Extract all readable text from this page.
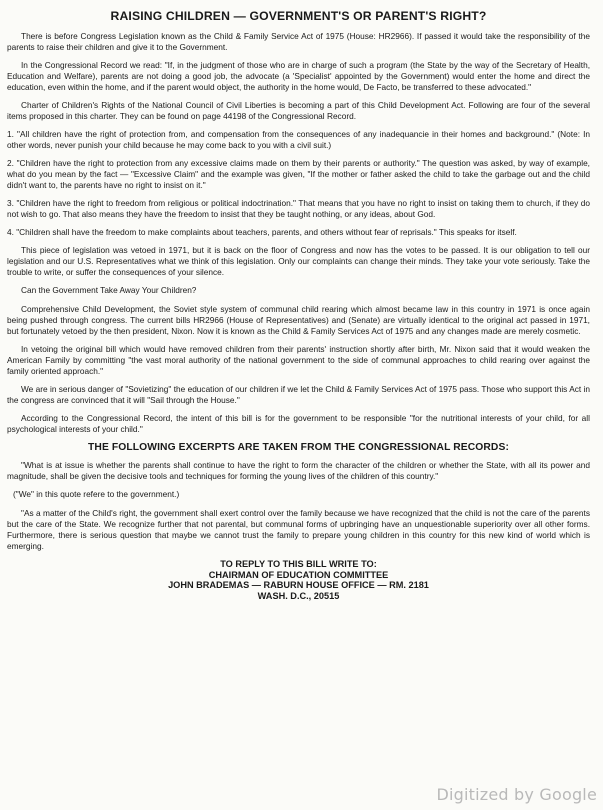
RAISING CHILDREN — GOVERNMENT'S OR PARENT'S RIGHT?

There is before Congress Legislation known as the Child & Family Service Act of 1975 (House: HR2966). If passed it would take the responsibility of the parents to raise their children and give it to the Government.

In the Congressional Record we read: "If, in the judgment of those who are in charge of such a program (the State by the way of the Secretary of Health, Education and Welfare), parents are not doing a good job, the advocate (a 'Specialist' appointed by the Government) would enter the home and direct the education, even within the home, and if the parent would object, the authority in the home would, De Facto, be transferred to these advocated."

Charter of Children's Rights of the National Council of Civil Liberties is becoming a part of this Child Development Act. Following are four of the several items proposed in this charter. They can be found on page 44198 of the Congressional Record.

1. "All children have the right of protection from, and compensation from the consequences of any inadequancie in their homes and background." (Note: In other words, never punish your child because he may come back to you with a civil suit.)

2. "Children have the right to protection from any excessive claims made on them by their parents or authority." The question was asked, by way of example, what do you mean by the fact — "Excessive Claim" and the example was given, "If the mother or father asked the child to take the garbage out and the child didn't want to, the parents have no right to insist on it."

3. "Children have the right to freedom from religious or political indoctrination." That means that you have no right to insist on taking them to church, if they do not wish to go. That also means they have the freedom to insist that they be taught nothing, or any ideas, about God.

4. "Children shall have the freedom to make complaints about teachers, parents, and others without fear of reprisals." This speaks for itself.

This piece of legislation was vetoed in 1971, but it is back on the floor of Congress and now has the votes to be passed. It is our obligation to tell our legislation and our U.S. Representatives what we think of this legislation. Only our complaints can change their minds. They take your vote seriously. Take the trouble to write, or suffer the consequences of your silence.

Can the Government Take Away Your Children?

Comprehensive Child Development, the Soviet style system of communal child rearing which almost became law in this country in 1971 is once again being pushed through congress. The current bills HR2966 (House of Representatives) and (Senate) are virtually identical to the original act passed in 1971, but fortunately vetoed by the then president, Nixon. Now it is known as the Child & Family Services Act of 1975 and any changes made are merely cosmetic.

In vetoing the original bill which would have removed children from their parents' instruction shortly after birth, Mr. Nixon said that it would weaken the American Family by committing "the vast moral authority of the national government to the side of communal approaches to child rearing over against the family oriented approach."

We are in serious danger of "Sovietizing" the education of our children if we let the Child & Family Services Act of 1975 pass. Those who support this Act in the congress are convinced that it will "Sail through the House."

According to the Congressional Record, the intent of this bill is for the government to be responsible "for the nutritional interests of your child, for all psychological interests of your child."

THE FOLLOWING EXCERPTS ARE TAKEN FROM THE CONGRESSIONAL RECORDS:

"What is at issue is whether the parents shall continue to have the right to form the character of the children or whether the State, with all its power and magnitude, shall be given the decisive tools and techniques for forming the young lives of the children of this country."

("We" in this quote refere to the government.)

"As a matter of the Child's right, the government shall exert control over the family because we have recognized that the child is not the care of the parents but the care of the State. We recognize further that not parental, but communal forms of upbringing have an unquestionable superiority over all other forms. Furthermore, there is serious question that maybe we cannot trust the family to prepare young children in this country for this new kind of world which is emerging.

TO REPLY TO THIS BILL WRITE TO:
CHAIRMAN OF EDUCATION COMMITTEE
JOHN BRADEMAS — RABURN HOUSE OFFICE — RM. 2181
WASH. D.C., 20515
Digitized by Google
